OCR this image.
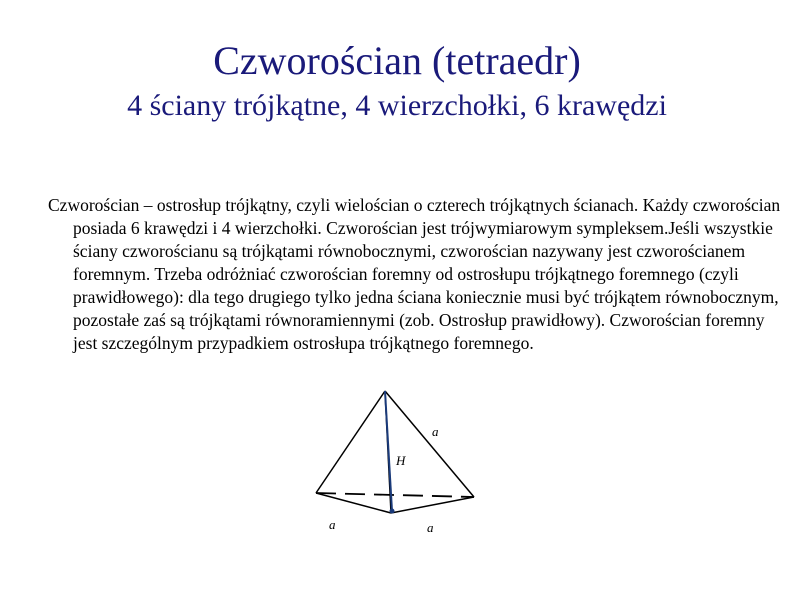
Czworościan (tetraedr)
4 ściany trójkątne, 4 wierzchołki, 6 krawędzi
Czworościan – ostrosłup trójkątny, czyli wielościan o czterech trójkątnych ścianach. Każdy czworościan posiada 6 krawędzi i 4 wierzchołki. Czworościan jest trójwymiarowym sympleksem.Jeśli wszystkie ściany czworościanu są trójkątami równobocznymi, czworościan nazywany jest czworościanem foremnym. Trzeba odróżniać czworościan foremny od ostrosłupu trójkątnego foremnego (czyli prawidłowego): dla tego drugiego tylko jedna ściana koniecznie musi być trójkątem równobocznym, pozostałe zaś są trójkątami równoramiennymi (zob. Ostrosłup prawidłowy). Czworościan foremny jest szczególnym przypadkiem ostrosłupa trójkątnego foremnego.
a
H
a	a
